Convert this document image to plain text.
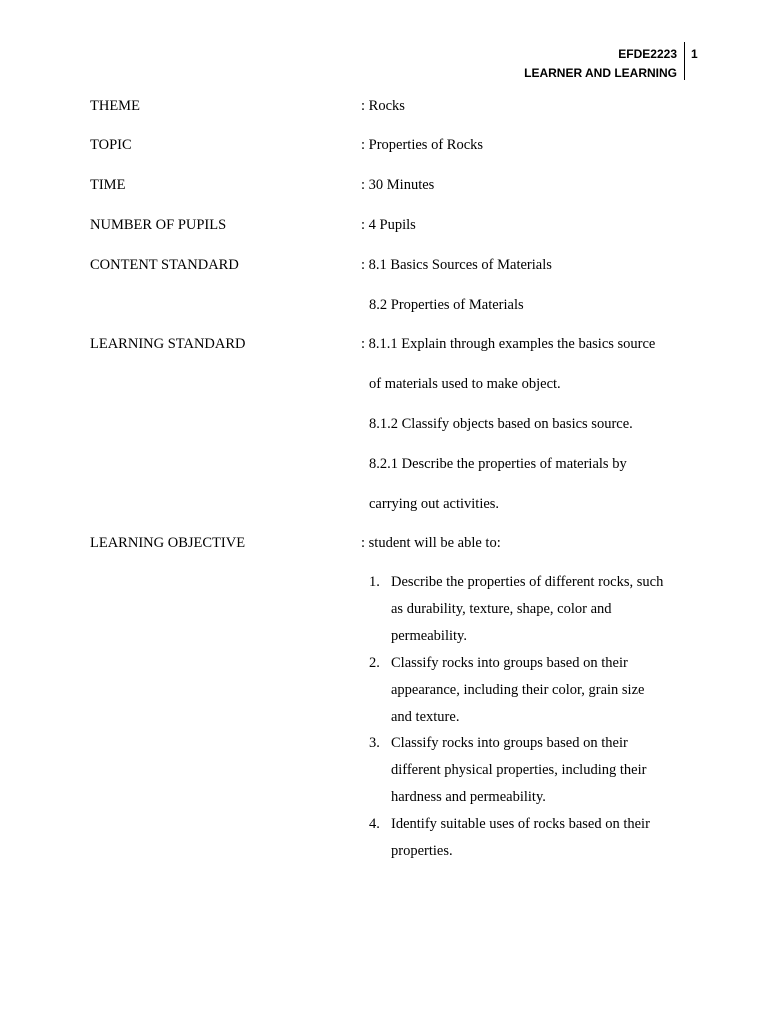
EFDE2223
LEARNER AND LEARNING
1
THEME	: Rocks
TOPIC	: Properties of Rocks
TIME	: 30 Minutes
NUMBER OF PUPILS	: 4 Pupils
CONTENT STANDARD	: 8.1 Basics Sources of Materials
8.2 Properties of Materials
LEARNING STANDARD	: 8.1.1 Explain through examples the basics source
of materials used to make object.
8.1.2 Classify objects based on basics source.
8.2.1 Describe the properties of materials by
carrying out activities.
LEARNING OBJECTIVE	: student will be able to:
1. Describe the properties of different rocks, such
as durability, texture, shape, color and
permeability.
2. Classify rocks into groups based on their
appearance, including their color, grain size
and texture.
3. Classify rocks into groups based on their
different physical properties, including their
hardness and permeability.
4. Identify suitable uses of rocks based on their
properties.
